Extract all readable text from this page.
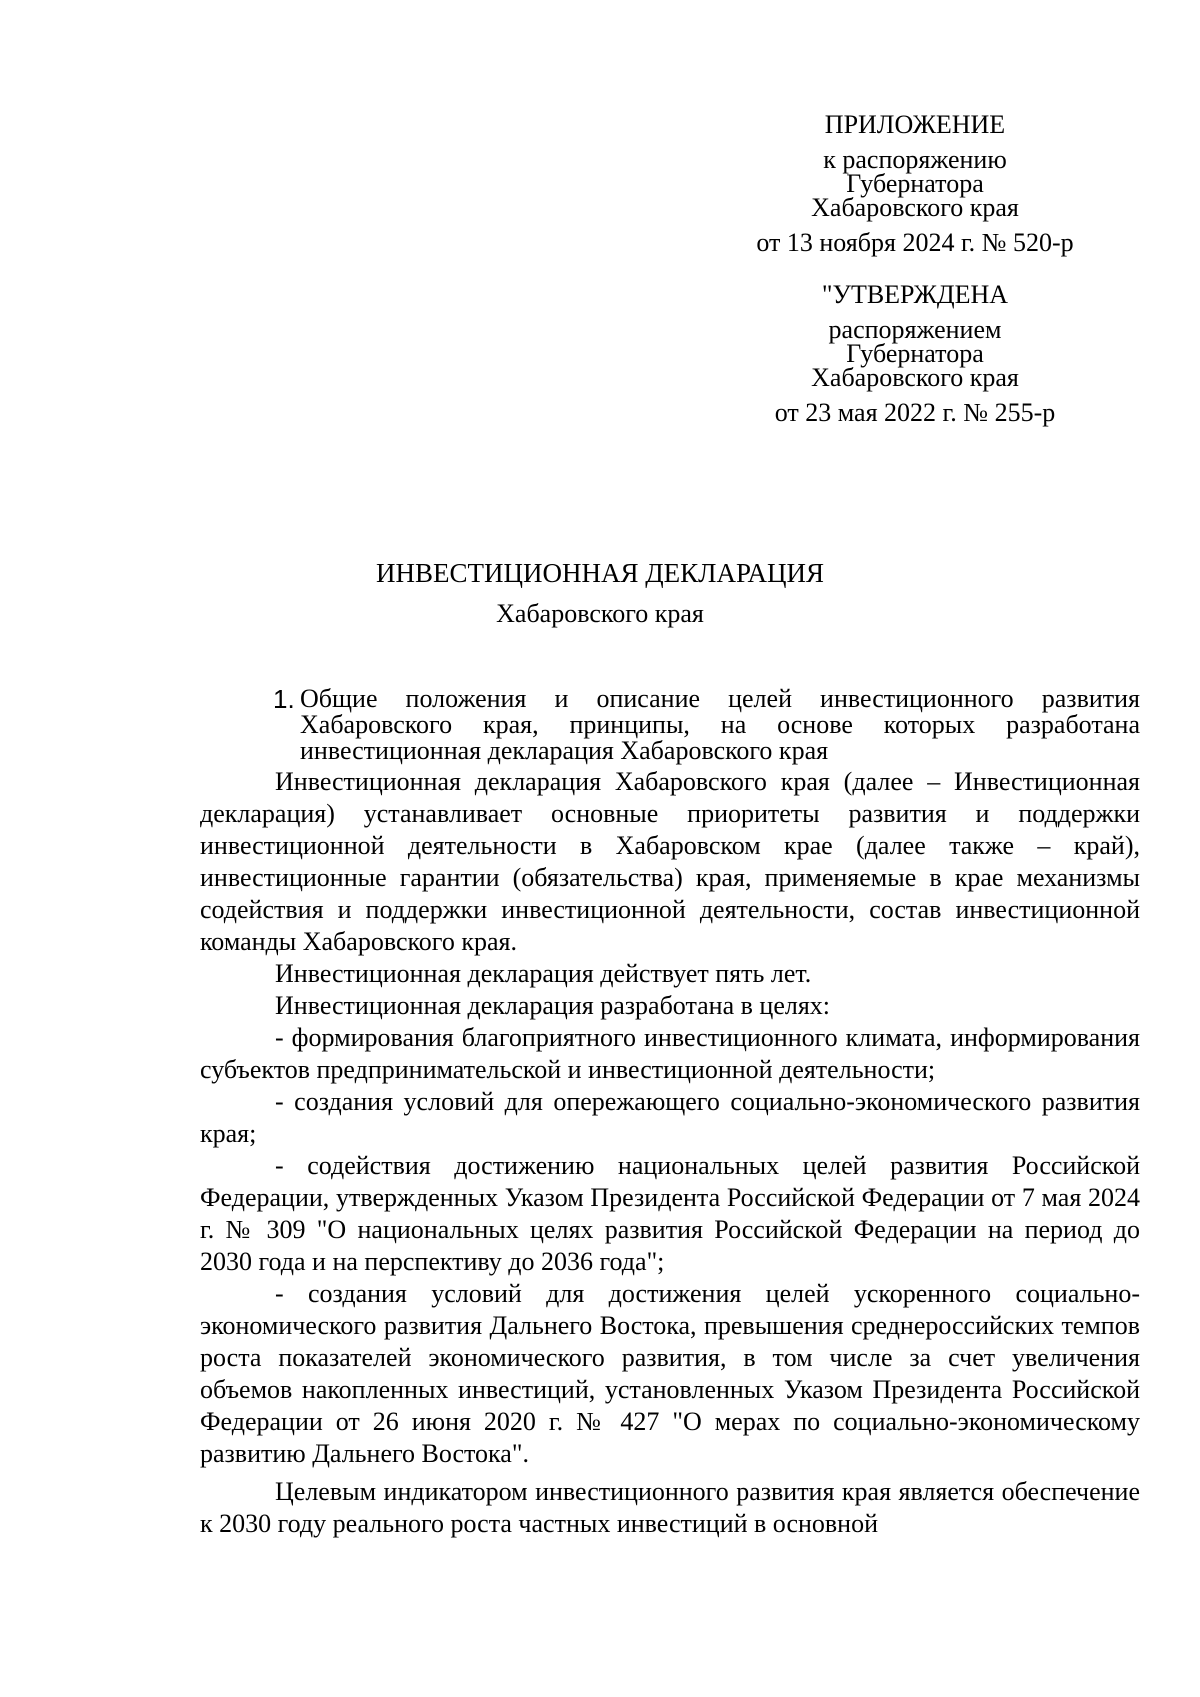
ПРИЛОЖЕНИЕ
к распоряжению
Губернатора
Хабаровского края
от 13 ноября 2024 г. № 520-р
"УТВЕРЖДЕНА
распоряжением
Губернатора
Хабаровского края
от 23 мая 2022 г. № 255-р
ИНВЕСТИЦИОННАЯ ДЕКЛАРАЦИЯ
Хабаровского края
1. Общие положения и описание целей инвестиционного развития Хабаровского края, принципы, на основе которых разработана инвестиционная декларация Хабаровского края

Инвестиционная декларация Хабаровского края (далее – Инвестиционная декларация) устанавливает основные приоритеты развития и поддержки инвестиционной деятельности в Хабаровском крае (далее также – край), инвестиционные гарантии (обязательства) края, применяемые в крае механизмы содействия и поддержки инвестиционной деятельности, состав инвестиционной команды Хабаровского края.

Инвестиционная декларация действует пять лет.

Инвестиционная декларация разработана в целях:

- формирования благоприятного инвестиционного климата, информирования субъектов предпринимательской и инвестиционной деятельности;

- создания условий для опережающего социально-экономического развития края;

- содействия достижению национальных целей развития Российской Федерации, утвержденных Указом Президента Российской Федерации от 7 мая 2024 г. № 309 "О национальных целях развития Российской Федерации на период до 2030 года и на перспективу до 2036 года";

- создания условий для достижения целей ускоренного социально-экономического развития Дальнего Востока, превышения среднероссийских темпов роста показателей экономического развития, в том числе за счет увеличения объемов накопленных инвестиций, установленных Указом Президента Российской Федерации от 26 июня 2020 г. № 427 "О мерах по социально-экономическому развитию Дальнего Востока".

Целевым индикатором инвестиционного развития края является обеспечение к 2030 году реального роста частных инвестиций в основной
